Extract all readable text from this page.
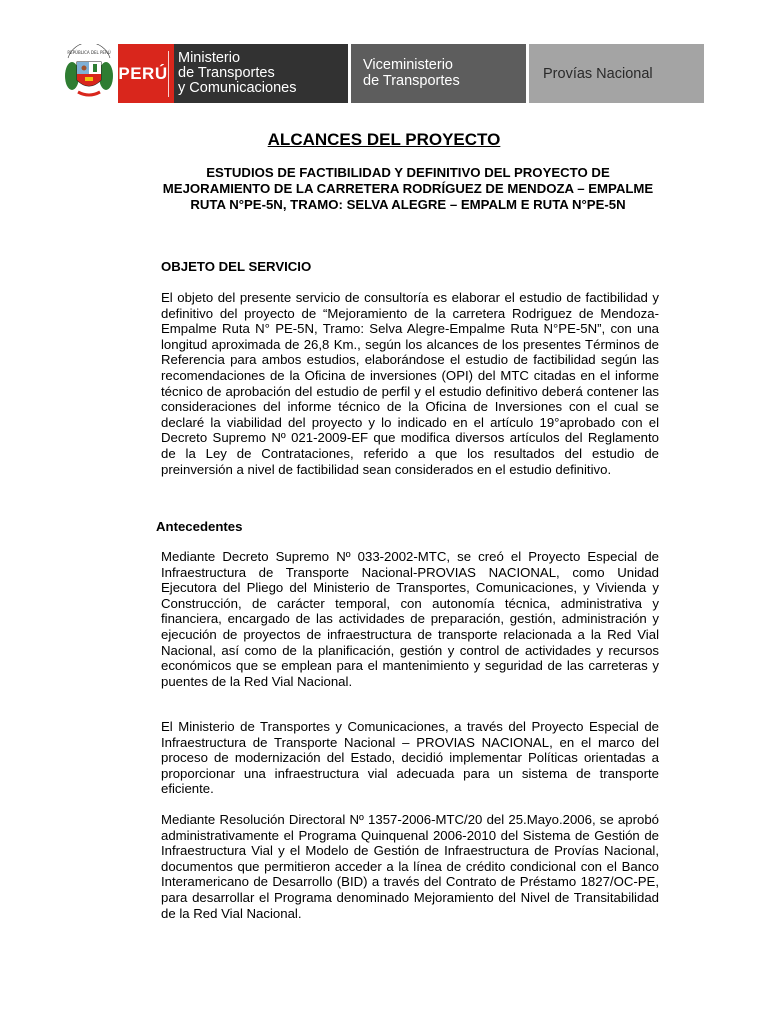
REPÚBLICA DEL PERÚ
PERÚ
Ministerio
de Transportes
y Comunicaciones
Viceministerio
de Transportes	Provías Nacional
ALCANCES DEL PROYECTO
ESTUDIOS DE FACTIBILIDAD Y DEFINITIVO DEL PROYECTO DE MEJORAMIENTO DE LA CARRETERA RODRÍGUEZ DE MENDOZA – EMPALME RUTA N°PE-5N, TRAMO: SELVA ALEGRE – EMPALM E RUTA N°PE-5N
OBJETO DEL SERVICIO

El objeto del presente servicio de consultoría es elaborar el estudio de factibilidad y definitivo del proyecto de “Mejoramiento de la carretera Rodriguez de Mendoza-Empalme Ruta N° PE-5N, Tramo: Selva Alegre-Empalme Ruta N°PE-5N”, con una longitud aproximada de 26,8 Km., según los alcances de los presentes Términos de Referencia para ambos estudios, elaborándose el estudio de factibilidad según las recomendaciones de la Oficina de inversiones (OPI) del MTC citadas en el informe técnico de aprobación del estudio de perfil y el estudio definitivo deberá contener las consideraciones del informe técnico de la Oficina de Inversiones con el cual se declaré la viabilidad del proyecto y lo indicado en el artículo 19°aprobado con el Decreto Supremo Nº 021-2009-EF que modifica diversos artículos del Reglamento de la Ley de Contrataciones, referido a que los resultados del estudio de preinversión a nivel de factibilidad sean considerados en el estudio definitivo.

Antecedentes

Mediante Decreto Supremo Nº 033-2002-MTC, se creó el Proyecto Especial de Infraestructura de Transporte Nacional-PROVIAS NACIONAL, como Unidad Ejecutora del Pliego del Ministerio de Transportes, Comunicaciones, y Vivienda y Construcción, de carácter temporal, con autonomía técnica, administrativa y financiera, encargado de las actividades de preparación, gestión, administración y ejecución de proyectos de infraestructura de transporte relacionada a la Red Vial Nacional, así como de la planificación, gestión y control de actividades y recursos económicos que se emplean para el mantenimiento y seguridad de las carreteras y puentes de la Red Vial Nacional.

El Ministerio de Transportes y Comunicaciones, a través del Proyecto Especial de Infraestructura de Transporte Nacional – PROVIAS NACIONAL, en el marco del proceso de modernización del Estado, decidió implementar Políticas orientadas a proporcionar una infraestructura vial adecuada para un sistema de transporte eficiente.

Mediante Resolución Directoral Nº 1357-2006-MTC/20 del 25.Mayo.2006, se aprobó administrativamente el Programa Quinquenal 2006-2010 del Sistema de Gestión de Infraestructura Vial y el Modelo de Gestión de Infraestructura de Provías Nacional, documentos que permitieron acceder a la línea de crédito condicional con el Banco Interamericano de Desarrollo (BID) a través del Contrato de Préstamo 1827/OC-PE, para desarrollar el Programa denominado Mejoramiento del Nivel de Transitabilidad de la Red Vial Nacional.
